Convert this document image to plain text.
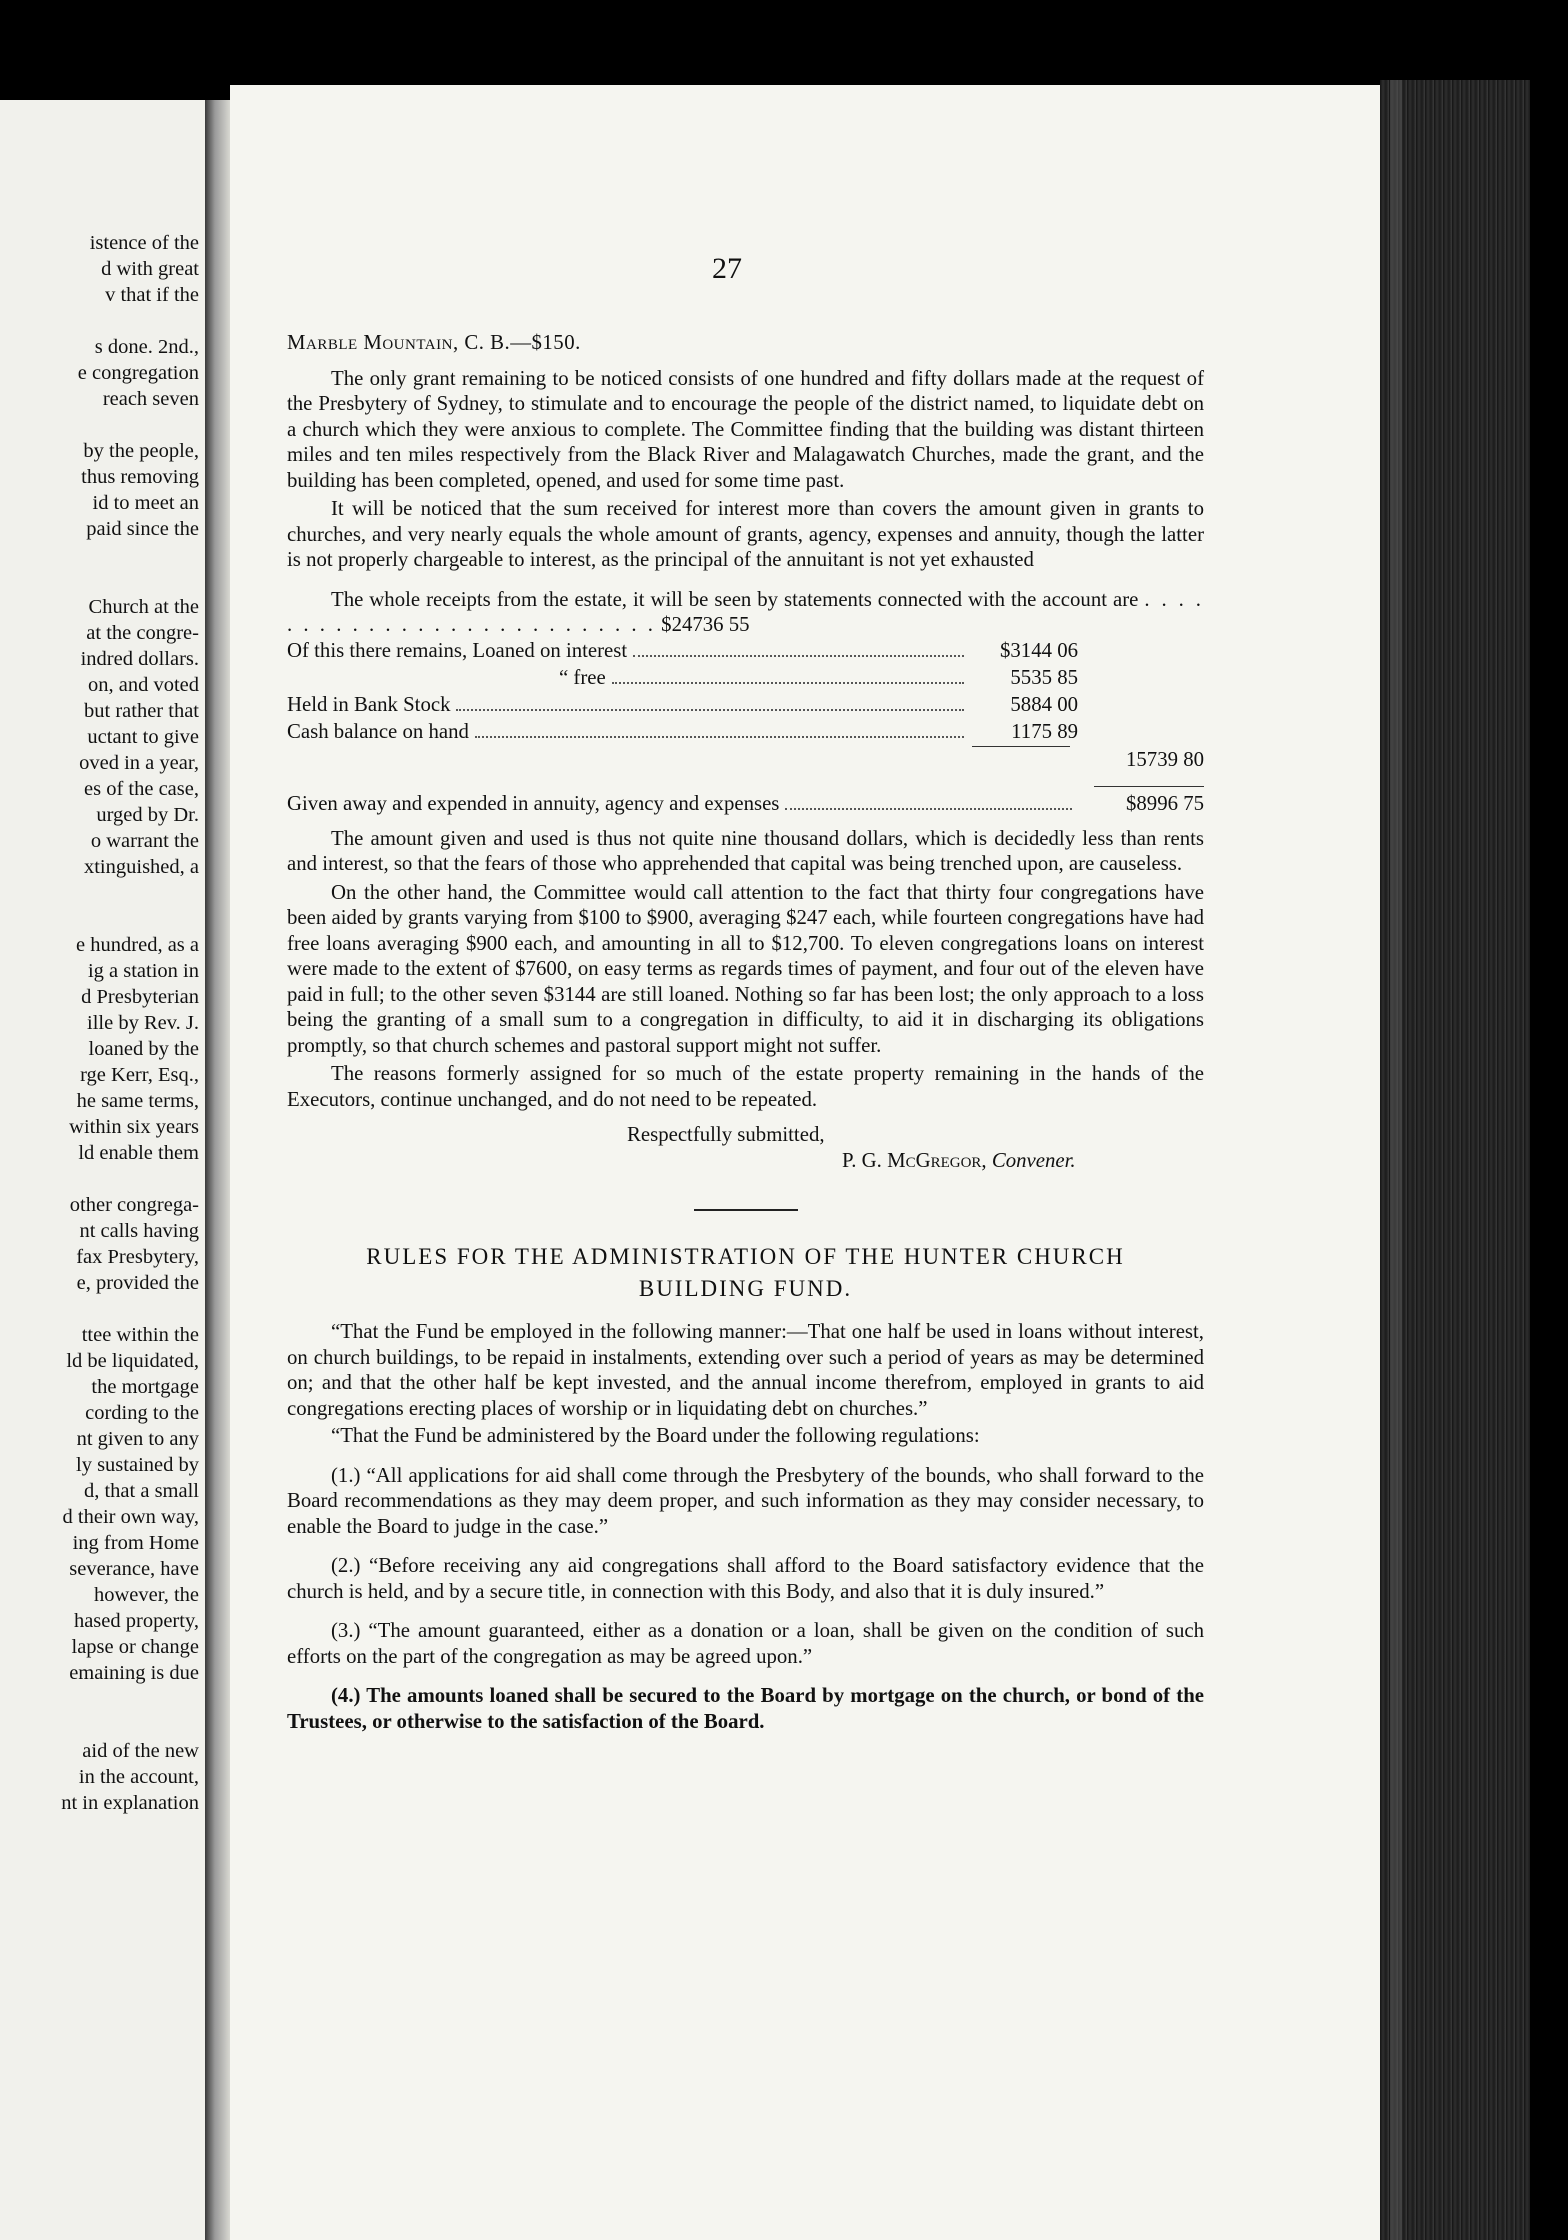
istence of the
d with great
v that if the
s done. 2nd.,
e congregation
reach seven
by the people,
thus removing
id to meet an
paid since the
Church at the
at the congre-
indred dollars.
on, and voted
but rather that
uctant to give
oved in a year,
es of the case,
urged by Dr.
o warrant the
xtinguished, a
e hundred, as a
ig a station in
d Presbyterian
ille by Rev. J.
loaned by the
rge Kerr, Esq.,
he same terms,
within six years
ld enable them
other congrega-
nt calls having
fax Presbytery,
e, provided the
ttee within the
ld be liquidated,
the mortgage
cording to the
nt given to any
ly sustained by
d, that a small
d their own way,
ing from Home
severance, have
however, the
hased property,
lapse or change
emaining is due
aid of the new
in the account,
nt in explanation
27
Marble Mountain, C. B.—$150.

The only grant remaining to be noticed consists of one hundred and fifty dollars made at the request of the Presbytery of Sydney, to stimulate and to encourage the people of the district named, to liquidate debt on a church which they were anxious to complete. The Committee finding that the building was distant thirteen miles and ten miles respectively from the Black River and Malagawatch Churches, made the grant, and the building has been completed, opened, and used for some time past.

It will be noticed that the sum received for interest more than covers the amount given in grants to churches, and very nearly equals the whole amount of grants, agency, expenses and annuity, though the latter is not properly chargeable to interest, as the principal of the annuitant is not yet exhausted

The whole receipts from the estate, it will be seen by statements connected with the account are . . . . . . . . . . . . . . . . . . . . . . . . . . . $24736 55
Of this there remains, Loaned on interest	$3144 06
“ free	5535 85
Held in Bank Stock	5884 00
Cash balance on hand	1175 89
15739 80
Given away and expended in annuity, agency and expenses	$8996 75

The amount given and used is thus not quite nine thousand dollars, which is decidedly less than rents and interest, so that the fears of those who apprehended that capital was being trenched upon, are causeless.

On the other hand, the Committee would call attention to the fact that thirty four congregations have been aided by grants varying from $100 to $900, averaging $247 each, while fourteen congregations have had free loans averaging $900 each, and amounting in all to $12,700. To eleven congregations loans on interest were made to the extent of $7600, on easy terms as regards times of payment, and four out of the eleven have paid in full; to the other seven $3144 are still loaned. Nothing so far has been lost; the only approach to a loss being the granting of a small sum to a congregation in difficulty, to aid it in discharging its obligations promptly, so that church schemes and pastoral support might not suffer.

The reasons formerly assigned for so much of the estate property remaining in the hands of the Executors, continue unchanged, and do not need to be repeated.

Respectfully submitted,
P. G. McGregor, Convener.
RULES FOR THE ADMINISTRATION OF THE HUNTER CHURCH
BUILDING FUND.

“That the Fund be employed in the following manner:—That one half be used in loans without interest, on church buildings, to be repaid in instalments, extending over such a period of years as may be determined on; and that the other half be kept invested, and the annual income therefrom, employed in grants to aid congregations erecting places of worship or in liquidating debt on churches.”

“That the Fund be administered by the Board under the following regulations:

(1.) “All applications for aid shall come through the Presbytery of the bounds, who shall forward to the Board recommendations as they may deem proper, and such information as they may consider necessary, to enable the Board to judge in the case.”

(2.) “Before receiving any aid congregations shall afford to the Board satisfactory evidence that the church is held, and by a secure title, in connection with this Body, and also that it is duly insured.”

(3.) “The amount guaranteed, either as a donation or a loan, shall be given on the condition of such efforts on the part of the congregation as may be agreed upon.”

(4.) The amounts loaned shall be secured to the Board by mortgage on the church, or bond of the Trustees, or otherwise to the satisfaction of the Board.
